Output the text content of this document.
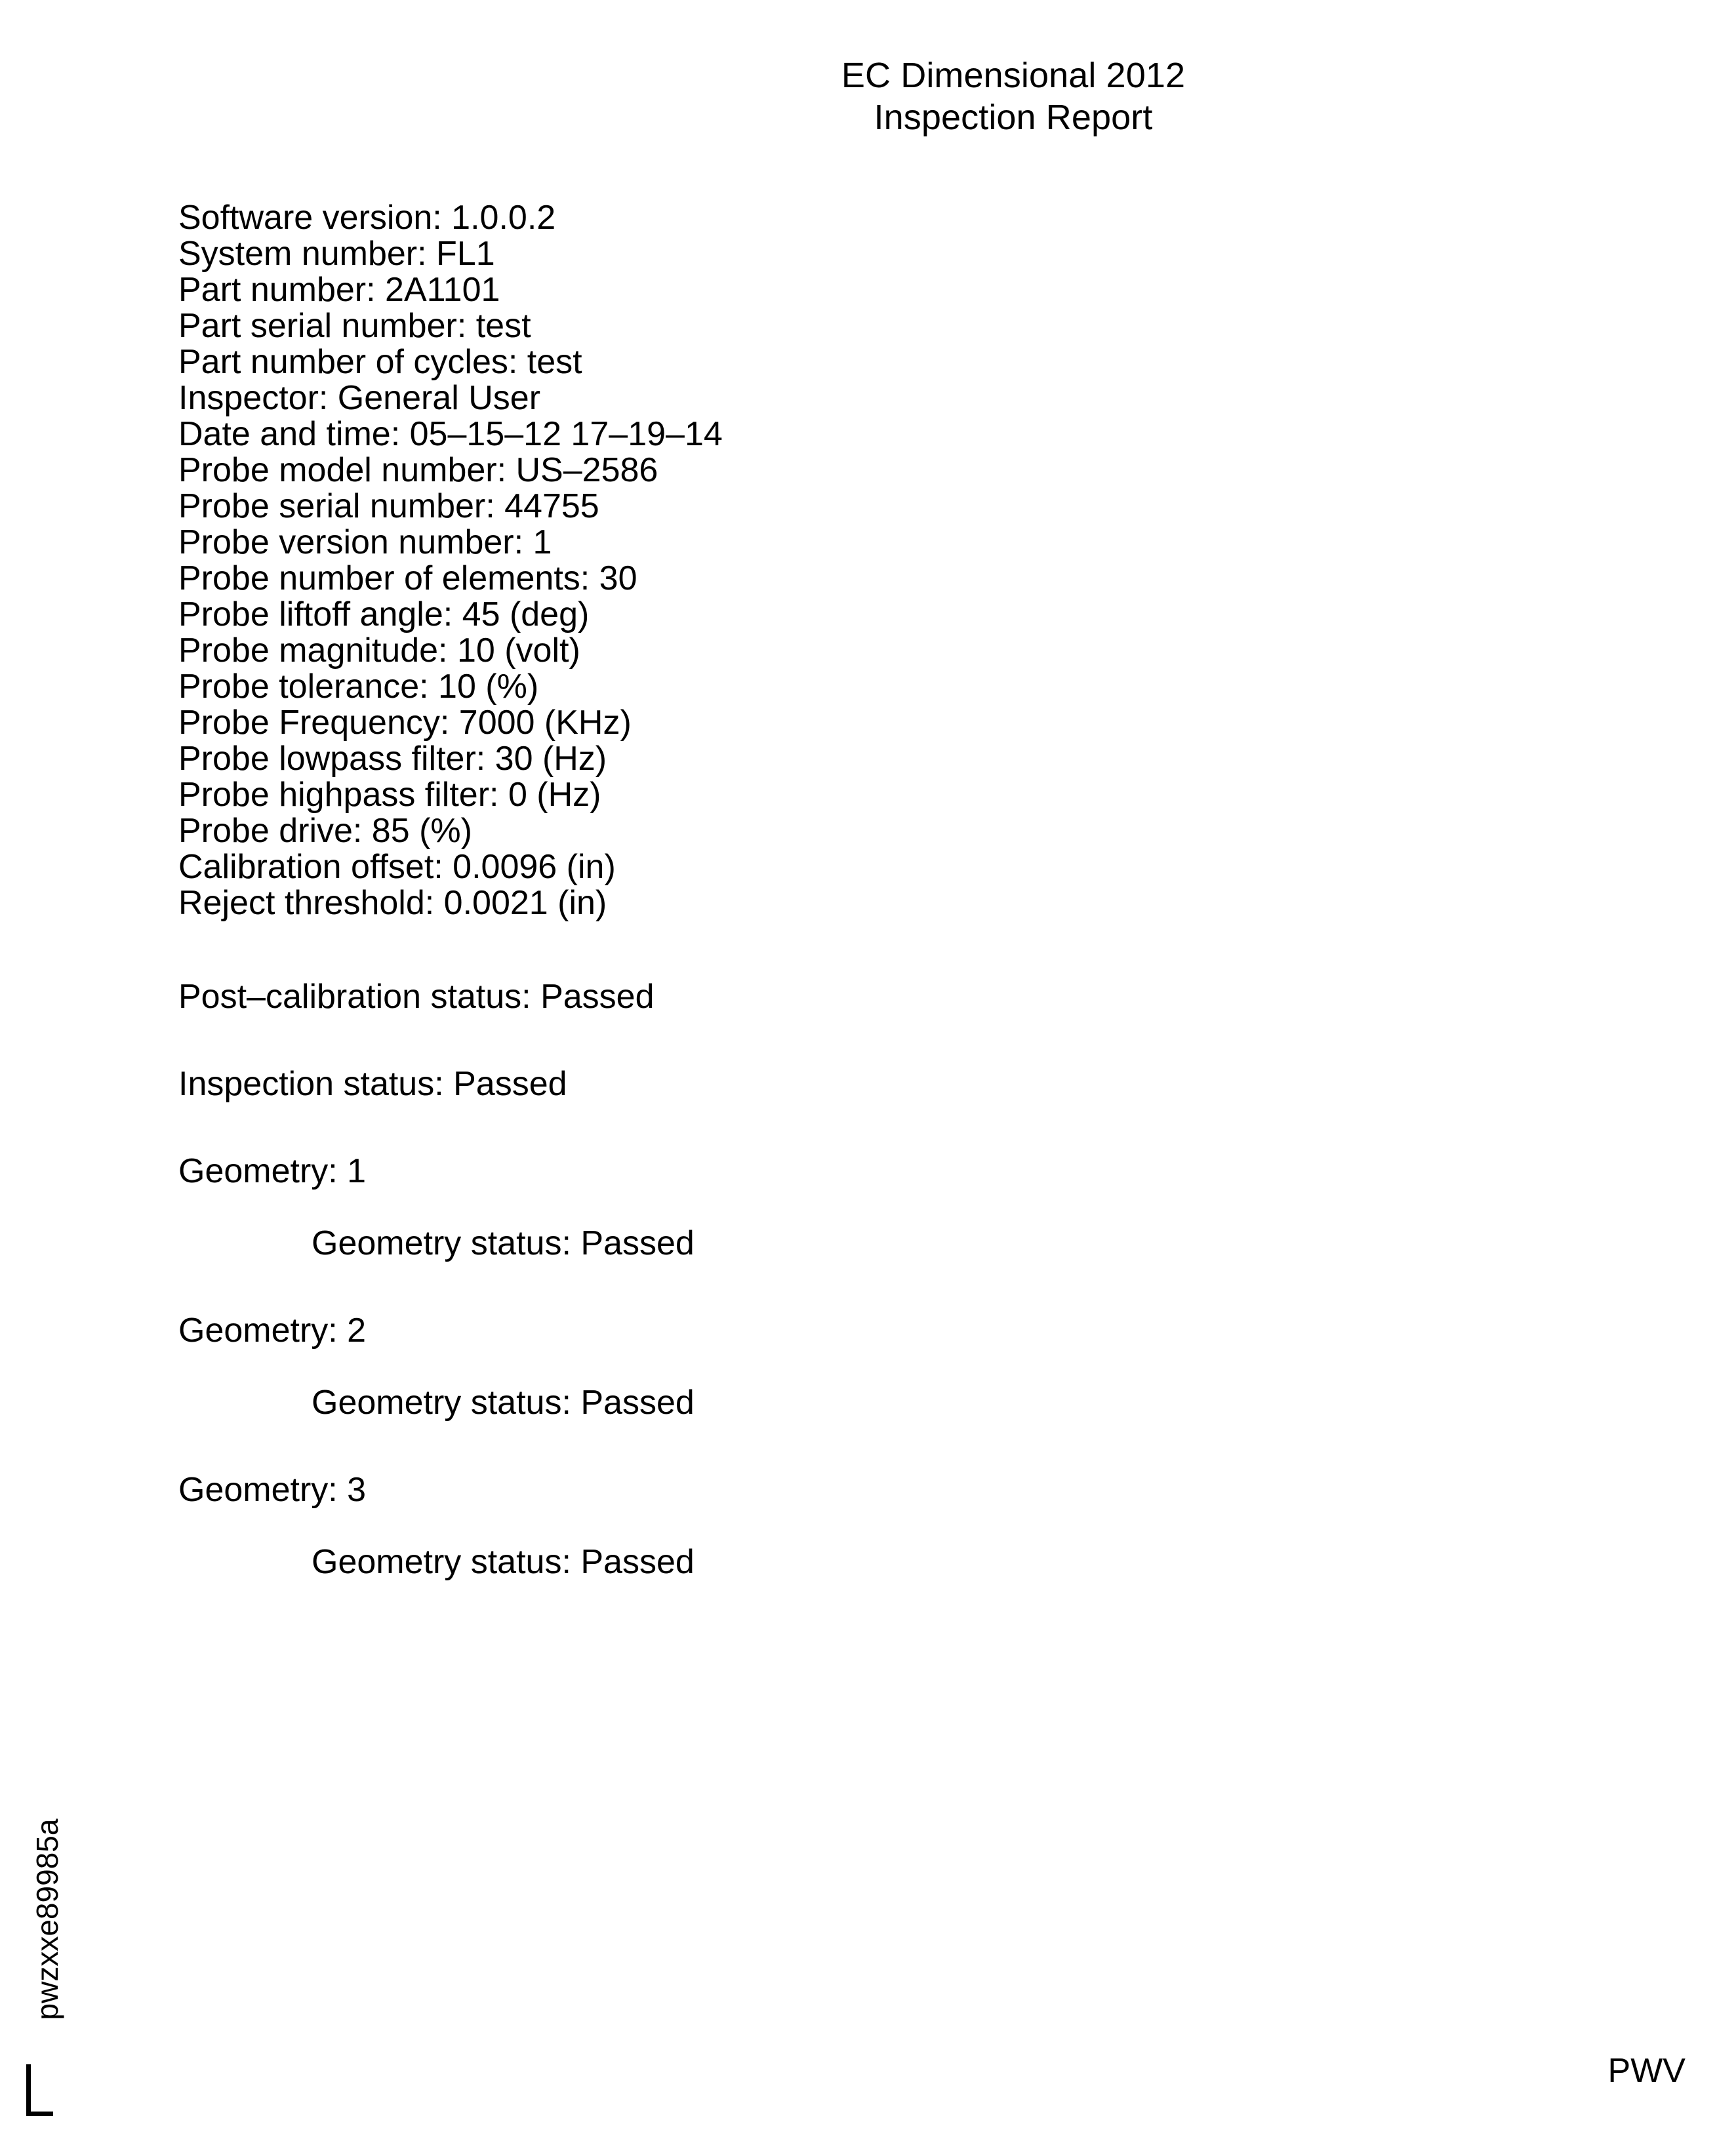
EC Dimensional 2012
Inspection Report
Software version: 1.0.0.2
System number: FL1
Part number: 2A1101
Part serial number: test
Part number of cycles: test
Inspector: General User
Date and time: 05–15–12 17–19–14
Probe model number: US–2586
Probe serial number: 44755
Probe version number: 1
Probe number of elements: 30
Probe liftoff angle: 45 (deg)
Probe magnitude: 10 (volt)
Probe tolerance: 10 (%)
Probe Frequency: 7000 (KHz)
Probe lowpass filter: 30 (Hz)
Probe highpass filter: 0 (Hz)
Probe drive: 85 (%)
Calibration offset: 0.0096 (in)
Reject threshold: 0.0021 (in)
Post–calibration status: Passed
Inspection status: Passed
Geometry: 1
Geometry status: Passed
Geometry: 2
Geometry status: Passed
Geometry: 3
Geometry status: Passed
pwzxxe89985a
PWV
